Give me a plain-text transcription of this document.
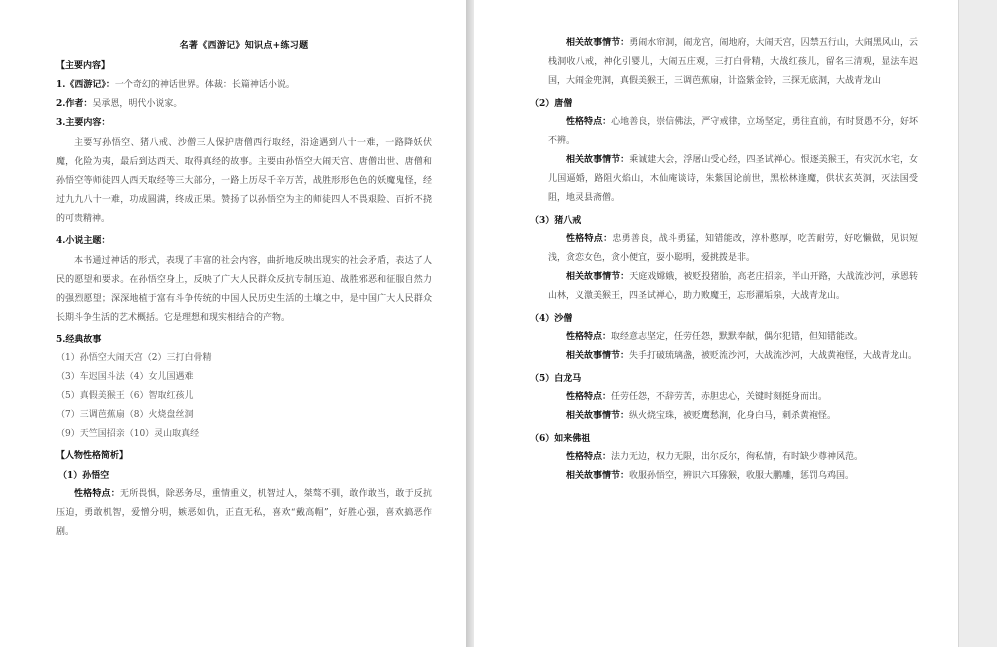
名著《西游记》知识点+练习题
【主要内容】
1.《西游记》：一个奇幻的神话世界。体裁：长篇神话小说。
2.作者：吴承恩，明代小说家。
3.主要内容：

主要写孙悟空、猪八戒、沙僧三人保护唐僧西行取经，沿途遇到八十一难，一路降妖伏魔，化险为夷，最后到达西天、取得真经的故事。主要由孙悟空大闹天宫、唐僧出世、唐僧和孙悟空等师徒四人西天取经等三大部分，一路上历尽千辛万苦，战胜形形色色的妖魔鬼怪，经过九九八十一难，功成圆满，终成正果。赞扬了以孙悟空为主的师徒四人不畏艰险、百折不挠的可贵精神。

4.小说主题：

本书通过神话的形式，表现了丰富的社会内容，曲折地反映出现实的社会矛盾，表达了人民的愿望和要求。在孙悟空身上，反映了广大人民群众反抗专制压迫、战胜邪恶和征服自然力的强烈愿望；深深地植于富有斗争传统的中国人民历史生活的土壤之中，是中国广大人民群众长期斗争生活的艺术概括。它是理想和现实相结合的产物。

5.经典故事
（1）孙悟空大闹天宫（2）三打白骨精
（3）车迟国斗法（4）女儿国遇难
（5）真假美猴王（6）智取红孩儿
（7）三调芭蕉扇（8）火烧盘丝洞
（9）天竺国招亲（10）灵山取真经
【人物性格简析】
（1）孙悟空

性格特点：无所畏惧，除恶务尽，重情重义，机智过人，桀骜不驯，敢作敢当，敢于反抗压迫，勇敢机智，爱憎分明，嫉恶如仇，正直无私，喜欢“戴高帽”，好胜心强，喜欢搞恶作剧。

相关故事情节：勇闹水帘洞，闹龙宫，闹地府，大闹天宫，囚禁五行山，大闹黑风山，云栈洞收八戒，神化引婴儿，大闹五庄观，三打白骨精，大战红孩儿，留名三清观，显法车迟国，大闹金兜洞，真假美猴王，三调芭蕉扇，计盗紫金铃，三探无底洞，大战青龙山

（2）唐僧

性格特点：心地善良，崇信佛法，严守戒律，立场坚定，勇往直前，有时贤愚不分，好坏不辨。

相关故事情节：乘诚建大会，浮屠山受心经，四圣试禅心。恨逐美猴王，有灾沉水宅，女儿国逼婚，路阻火焰山，木仙庵谈诗，朱紫国论前世，黑松林逢魔，供状玄英洞，灭法国受阻，地灵县斋僧。

（3）猪八戒

性格特点：忠勇善良，战斗勇猛，知错能改，淳朴憨厚，吃苦耐劳，好吃懒做，见识短浅，贪恋女色，贪小便宜，耍小聪明，爱挑拨是非。

相关故事情节：天庭戏嫦娥，被贬投猪胎，高老庄招亲，半山开路，大战流沙河，承恩转山林，义激美猴王，四圣试禅心，助力败魔王，忘形濯垢泉，大战青龙山。

（4）沙僧

性格特点：取经意志坚定，任劳任怨，默默奉献，偶尔犯错，但知错能改。

相关故事情节：失手打破琉璃盏，被贬流沙河，大战流沙河，大战黄袍怪，大战青龙山。

（5）白龙马

性格特点：任劳任怨，不辞劳苦，赤胆忠心，关键时刻挺身而出。

相关故事情节：纵火烧宝珠，被贬鹰愁涧，化身白马，刺杀黄袍怪。

（6）如来佛祖

性格特点：法力无边，权力无限，出尔反尔，徇私情，有时缺少尊神风范。

相关故事情节：收服孙悟空，辨识六耳猕猴，收服大鹏雕，惩罚乌鸡国。
